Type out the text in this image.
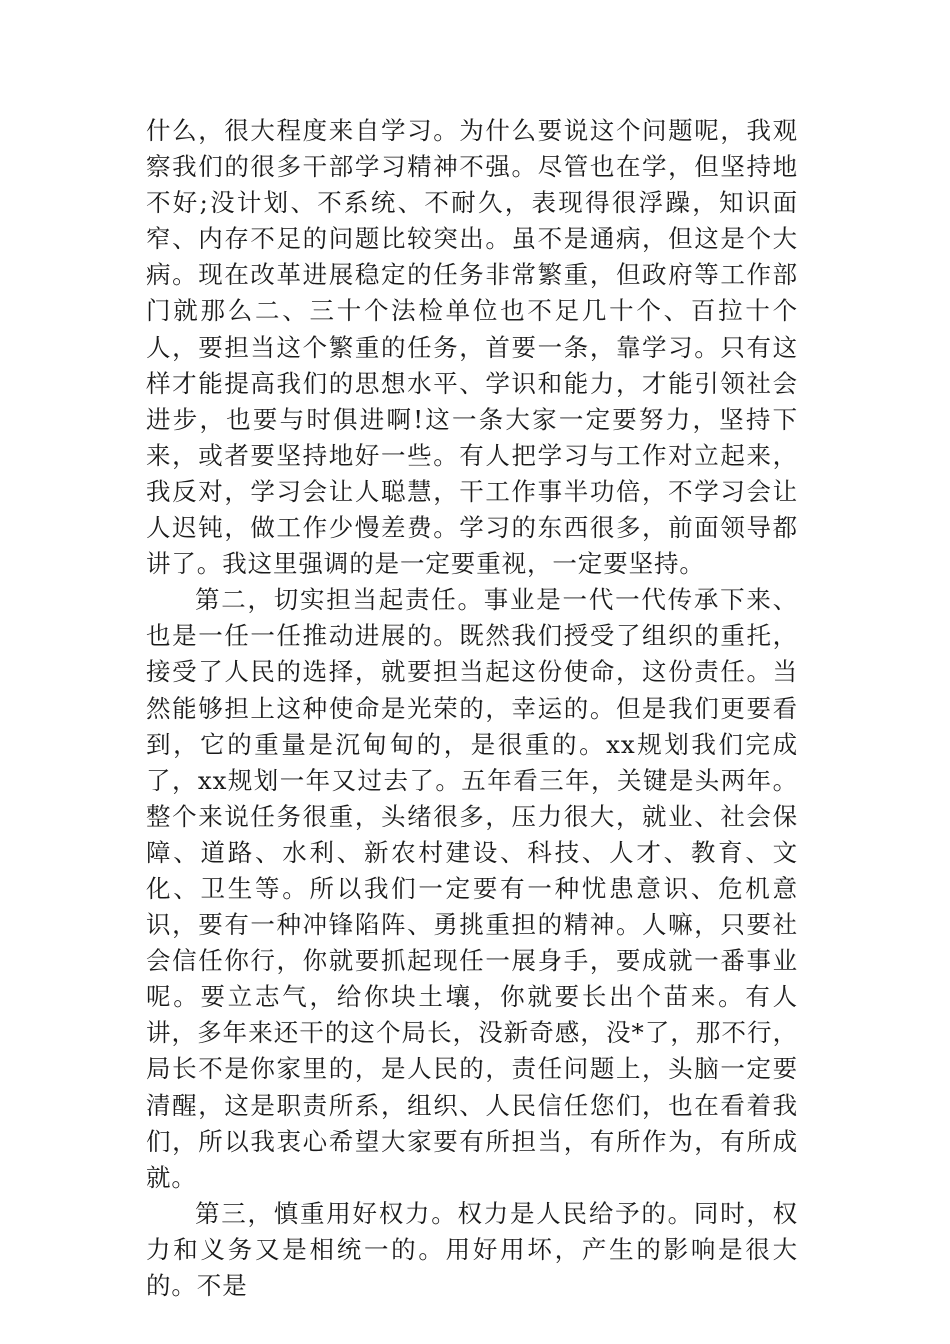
什么，很大程度来自学习。为什么要说这个问题呢，我观察我们的很多干部学习精神不强。尽管也在学，但坚持地不好;没计划、不系统、不耐久，表现得很浮躁，知识面窄、内存不足的问题比较突出。虽不是通病，但这是个大病。现在改革进展稳定的任务非常繁重，但政府等工作部门就那么二、三十个法检单位也不足几十个、百拉十个人，要担当这个繁重的任务，首要一条，靠学习。只有这样才能提高我们的思想水平、学识和能力，才能引领社会进步，也要与时俱进啊!这一条大家一定要努力，坚持下来，或者要坚持地好一些。有人把学习与工作对立起来，我反对，学习会让人聪慧，干工作事半功倍，不学习会让人迟钝，做工作少慢差费。学习的东西很多，前面领导都讲了。我这里强调的是一定要重视，一定要坚持。

第二，切实担当起责任。事业是一代一代传承下来、也是一任一任推动进展的。既然我们授受了组织的重托，接受了人民的选择，就要担当起这份使命，这份责任。当然能够担上这种使命是光荣的，幸运的。但是我们更要看到，它的重量是沉甸甸的，是很重的。xx规划我们完成了，xx规划一年又过去了。五年看三年，关键是头两年。整个来说任务很重，头绪很多，压力很大，就业、社会保障、道路、水利、新农村建设、科技、人才、教育、文化、卫生等。所以我们一定要有一种忧患意识、危机意识，要有一种冲锋陷阵、勇挑重担的精神。人嘛，只要社会信任你行，你就要抓起现任一展身手，要成就一番事业呢。要立志气，给你块土壤，你就要长出个苗来。有人讲，多年来还干的这个局长，没新奇感，没*了，那不行，局长不是你家里的，是人民的，责任问题上，头脑一定要清醒，这是职责所系，组织、人民信任您们，也在看着我们，所以我衷心希望大家要有所担当，有所作为，有所成就。

第三，慎重用好权力。权力是人民给予的。同时，权力和义务又是相统一的。用好用坏，产生的影响是很大的。不是
